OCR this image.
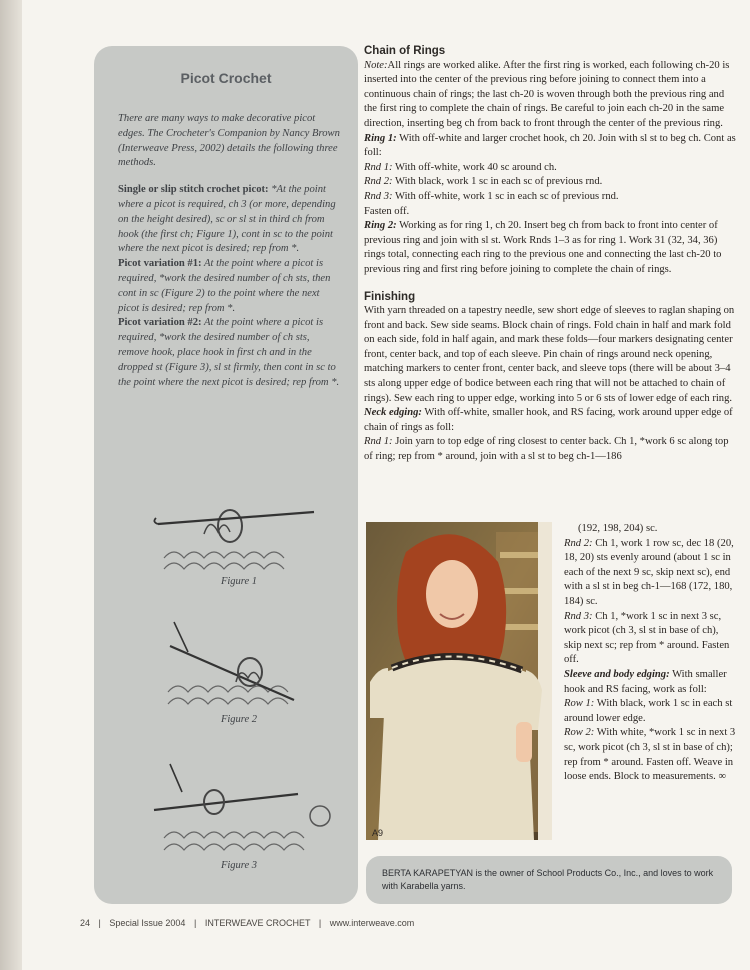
Picot Crochet

There are many ways to make decorative picot edges. The Crocheter's Companion by Nancy Brown (Interweave Press, 2002) details the following three methods.

Single or slip stitch crochet picot: *At the point where a picot is required, ch 3 (or more, depending on the height desired), sc or sl st in third ch from hook (the first ch; Figure 1), cont in sc to the point where the next picot is desired; rep from *.

Picot variation #1: At the point where a picot is required, *work the desired number of ch sts, then cont in sc (Figure 2) to the point where the next picot is desired; rep from *.

Picot variation #2: At the point where a picot is required, *work the desired number of ch sts, remove hook, place hook in first ch and in the dropped st (Figure 3), sl st firmly, then cont in sc to the point where the next picot is desired; rep from *.

Figure 1
Figure 2
Figure 3
Chain of Rings

Note:All rings are worked alike. After the first ring is worked, each following ch-20 is inserted into the center of the previous ring before joining to connect them into a continuous chain of rings; the last ch-20 is woven through both the previous ring and the first ring to complete the chain of rings. Be careful to join each ch-20 in the same direction, inserting beg ch from back to front through the center of the previous ring.

Ring 1: With off-white and larger crochet hook, ch 20. Join with sl st to beg ch. Cont as foll:

Rnd 1: With off-white, work 40 sc around ch.

Rnd 2: With black, work 1 sc in each sc of previous rnd.

Rnd 3: With off-white, work 1 sc in each sc of previous rnd.

Fasten off.

Ring 2: Working as for ring 1, ch 20. Insert beg ch from back to front into center of previous ring and join with sl st. Work Rnds 1–3 as for ring 1. Work 31 (32, 34, 36) rings total, connecting each ring to the previous one and connecting the last ch-20 to previous ring and first ring before joining to complete the chain of rings.

Finishing

With yarn threaded on a tapestry needle, sew short edge of sleeves to raglan shaping on front and back. Sew side seams. Block chain of rings. Fold chain in half and mark fold on each side, fold in half again, and mark these folds—four markers designating center front, center back, and top of each sleeve. Pin chain of rings around neck opening, matching markers to center front, center back, and sleeve tops (there will be about 3–4 sts along upper edge of bodice between each ring that will not be attached to chain of rings). Sew each ring to upper edge, working into 5 or 6 sts of lower edge of each ring.

Neck edging: With off-white, smaller hook, and RS facing, work around upper edge of chain of rings as foll:

Rnd 1: Join yarn to top edge of ring closest to center back. Ch 1, *work 6 sc along top of ring; rep from * around, join with a sl st to beg ch-1—186

A9

(192, 198, 204) sc.

Rnd 2: Ch 1, work 1 row sc, dec 18 (20, 18, 20) sts evenly around (about 1 sc in each of the next 9 sc, skip next sc), end with a sl st in beg ch-1—168 (172, 180, 184) sc.

Rnd 3: Ch 1, *work 1 sc in next 3 sc, work picot (ch 3, sl st in base of ch), skip next sc; rep from * around. Fasten off.

Sleeve and body edging: With smaller hook and RS facing, work as foll:

Row 1: With black, work 1 sc in each st around lower edge.

Row 2: With white, *work 1 sc in next 3 sc, work picot (ch 3, sl st in base of ch); rep from * around. Fasten off. Weave in loose ends. Block to measurements. ∞

BERTA KARAPETYAN is the owner of School Products Co., Inc., and loves to work with Karabella yarns.
24 | Special Issue 2004 | INTERWEAVE CROCHET | www.interweave.com
